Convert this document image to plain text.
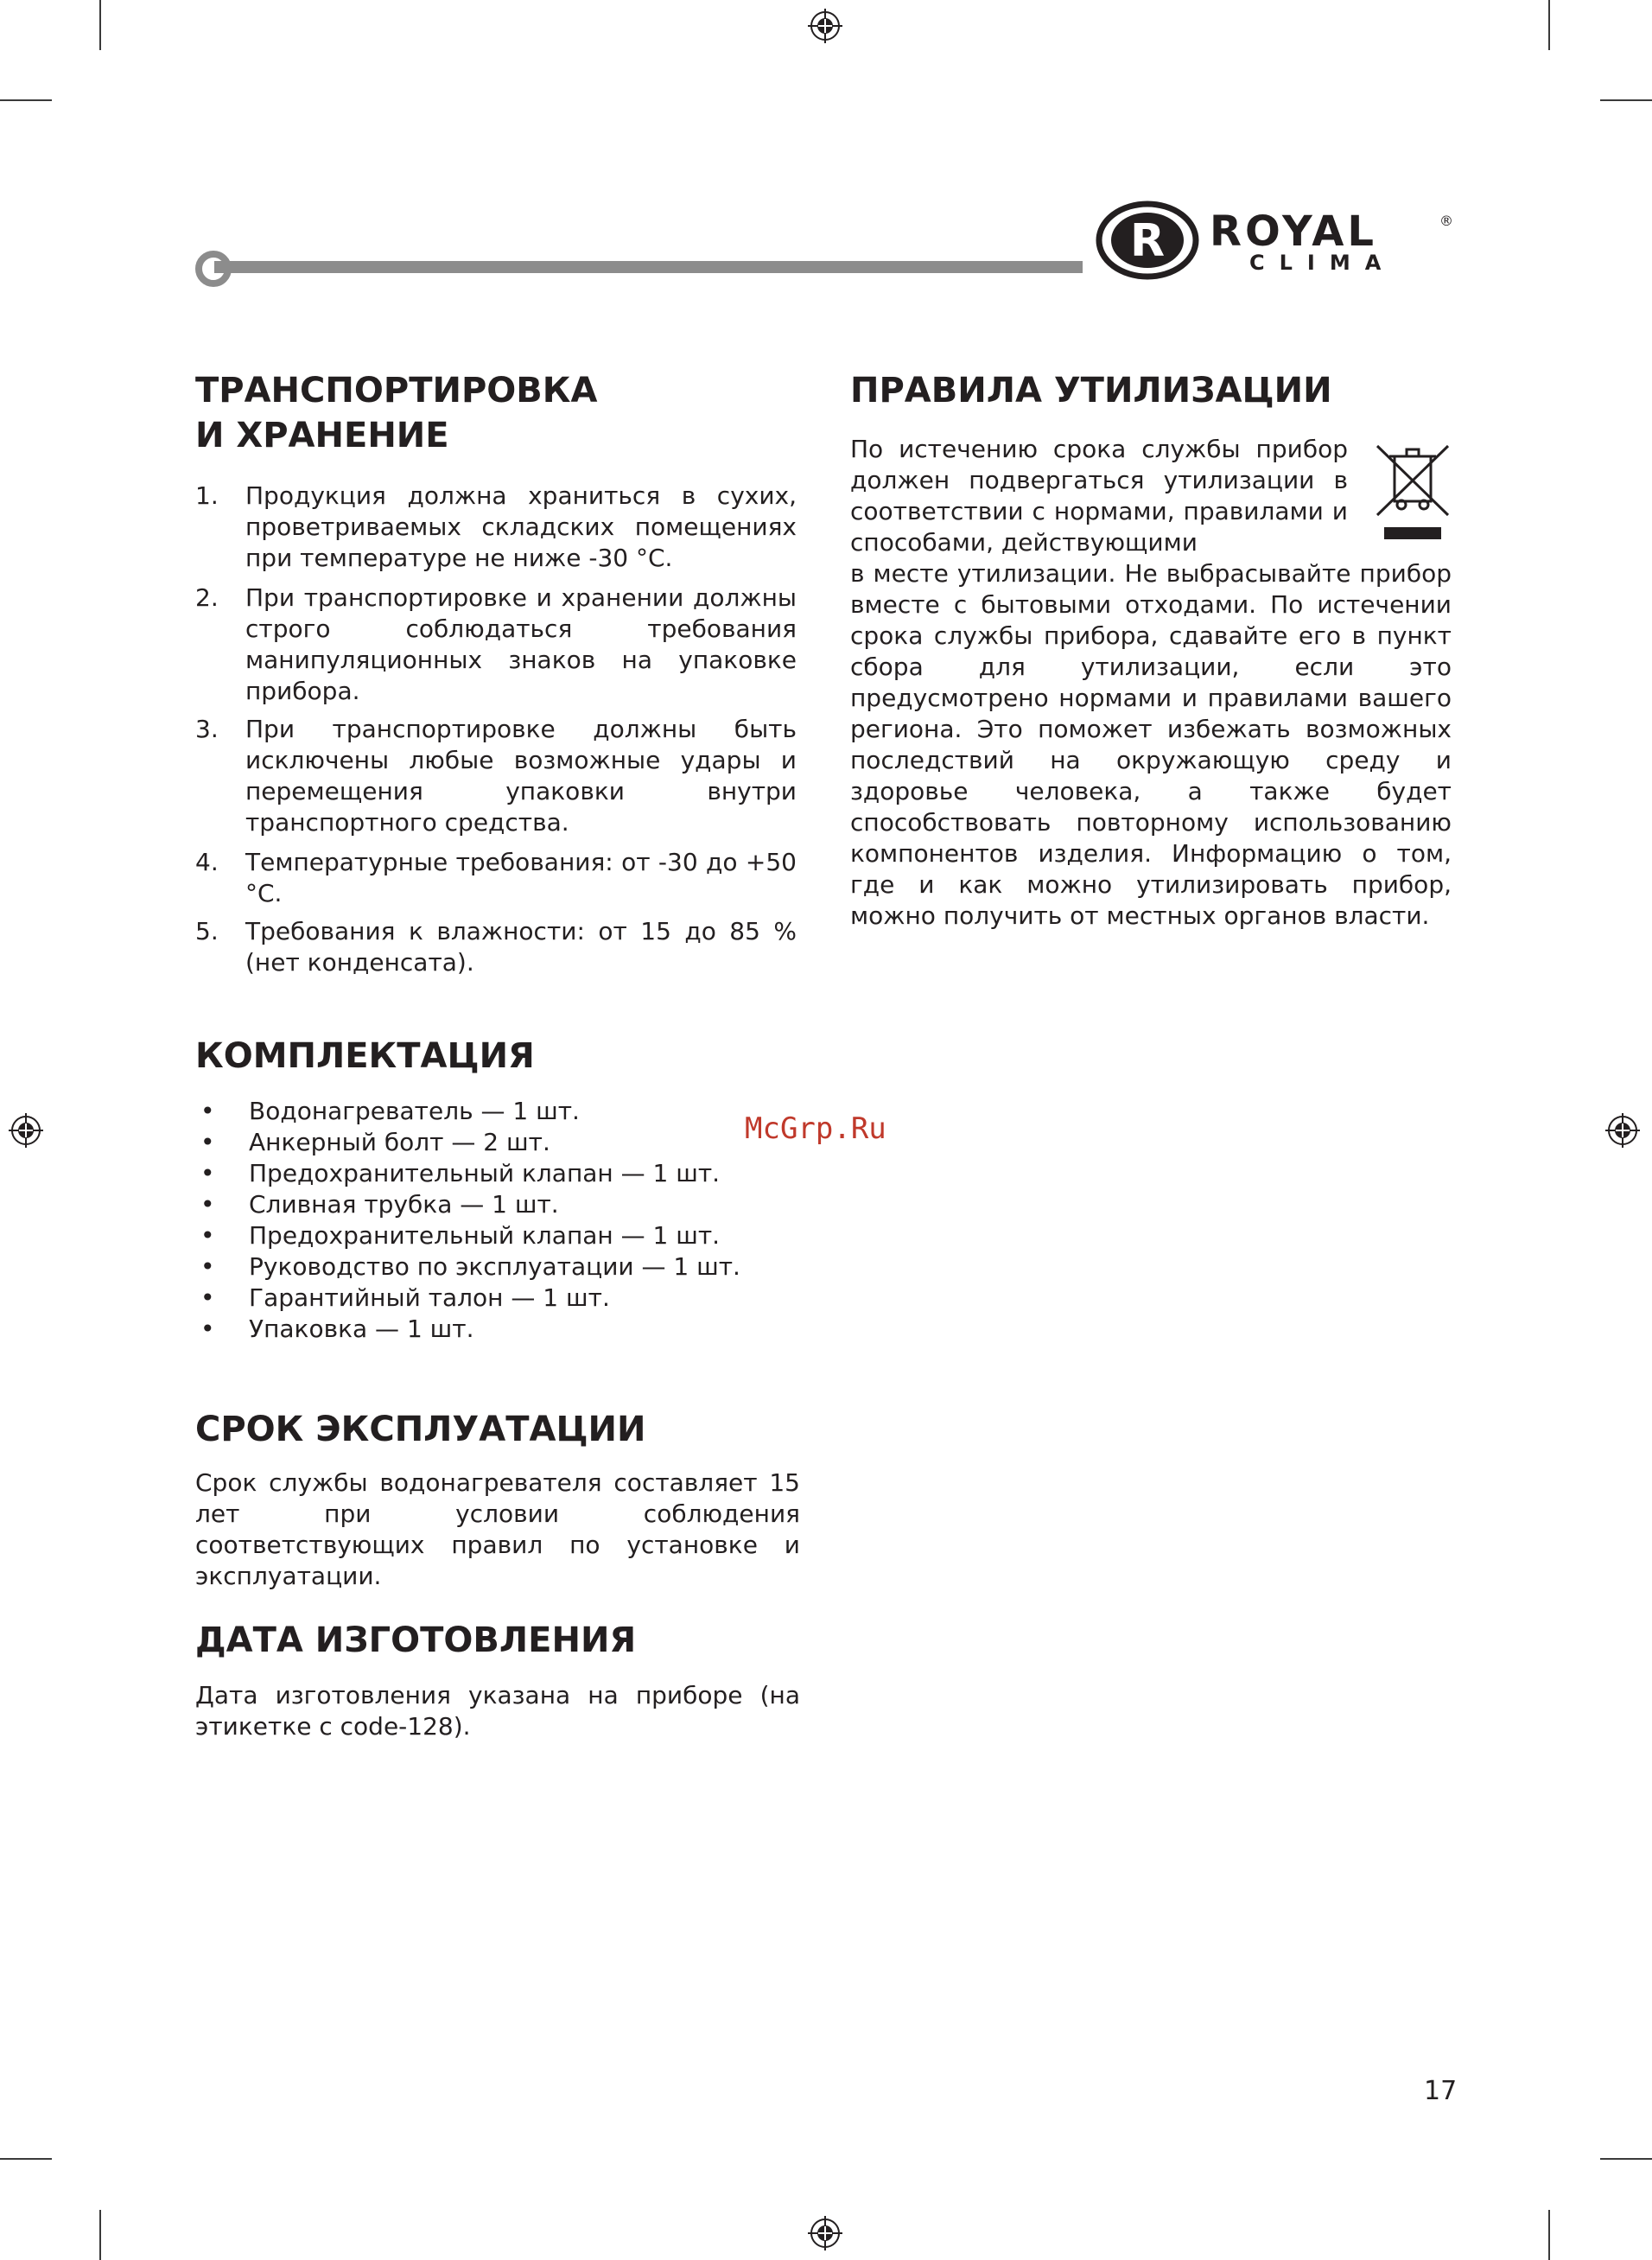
R ROYAL	®
CLIMA
ТРАНСПОРТИРОВКА
И ХРАНЕНИЕ
1. Продукция должна храниться в сухих, проветриваемых складских помещениях при температуре не ниже -30 °С.
2. При транспортировке и хранении должны строго соблюдаться требования манипуляционных знаков на упаковке прибора.
3. При транспортировке должны быть исключены любые возможные удары и перемещения упаковки внутри транспортного средства.
4. Температурные требования: от -30 до +50 °С.
5. Требования к влажности: от 15 до 85 % (нет конденсата).
ПРАВИЛА УТИЛИЗАЦИИ
По истечению срока службы прибор должен подвергаться утилизации в соответствии с нормами, правилами и способами, действующими
в месте утилизации. Не выбрасывайте прибор вместе с бытовыми отходами. По истечении срока службы прибора, сдавайте его в пункт сбора для утилизации, если это предусмотрено нормами и правилами вашего региона. Это поможет избежать возможных последствий на окружающую среду и здоровье человека, а также будет способствовать повторному использованию компонентов изделия. Информацию о том, где и как можно утилизировать прибор, можно получить от местных органов власти.
КОМПЛЕКТАЦИЯ
• Водонагреватель — 1 шт.
• Анкерный болт — 2 шт.
• Предохранительный клапан — 1 шт.
• Сливная трубка — 1 шт.
• Предохранительный клапан — 1 шт.
• Руководство по эксплуатации — 1 шт.
• Гарантийный талон — 1 шт.
• Упаковка — 1 шт.
McGrp.Ru
СРОК ЭКСПЛУАТАЦИИ
Срок службы водонагревателя составляет 15 лет при условии соблюдения соответствующих правил по установке и эксплуатации.
ДАТА ИЗГОТОВЛЕНИЯ
Дата изготовления указана на приборе (на этикетке с code-128).
17
